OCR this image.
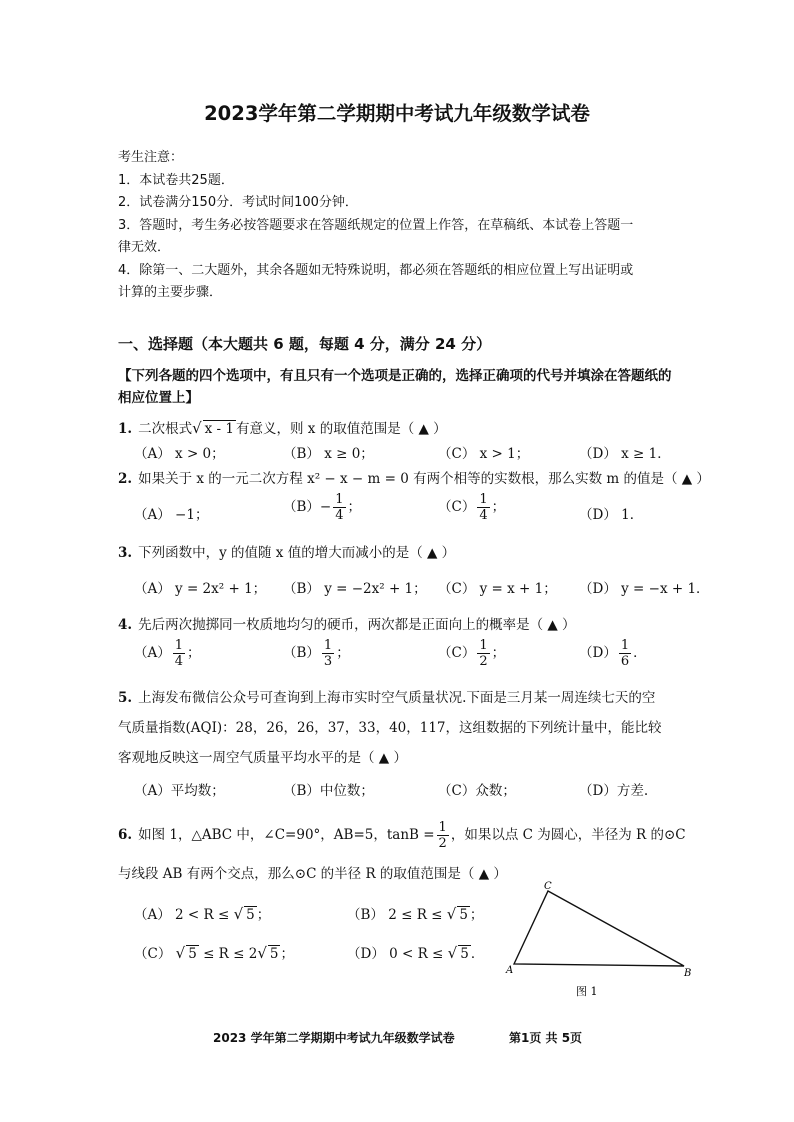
2023学年第二学期期中考试九年级数学试卷
考生注意：
1．本试卷共25题．
2．试卷满分150分．考试时间100分钟．
3．答题时，考生务必按答题要求在答题纸规定的位置上作答，在草稿纸、本试卷上答题一
律无效．
4．除第一、二大题外，其余各题如无特殊说明，都必须在答题纸的相应位置上写出证明或
计算的主要步骤．
一、选择题（本大题共 6 题，每题 4 分，满分 24 分）
【下列各题的四个选项中，有且只有一个选项是正确的，选择正确项的代号并填涂在答题纸的相应位置上】
1. 二次根式√ x - 1 有意义，则 x 的取值范围是（ ▲ ）
（A） x > 0；	（B） x ≥ 0；	（C） x > 1；	（D） x ≥ 1．
2. 如果关于 x 的一元二次方程 x² − x − m = 0 有两个相等的实数根，那么实数 m 的值是（ ▲ ）
（A） −1；	$(B)- \frac{1}{4}$ ；	$(C) \frac{1}{4}$ ；	（D） 1．
3. 下列函数中，y 的值随 x 值的增大而减小的是（ ▲ ）
（A） y = 2x² + 1； （B） y = −2x² + 1； （C） y = x + 1； （D） y = −x + 1．
4. 先后两次抛掷同一枚质地均匀的硬币，两次都是正面向上的概率是（ ▲ ）
$(A) \frac{1}{4}$ ；	$(B) \frac{1}{3}$ ；	$(C) \frac{1}{2}$ ；	$(D) \frac{1}{6}$ ．
5. 上海发布微信公众号可查询到上海市实时空气质量状况.下面是三月某一周连续七天的空
气质量指数(AQI)：28，26，26，37，33，40，117，这组数据的下列统计量中，能比较
客观地反映这一周空气质量平均水平的是（ ▲ ）
（A）平均数；	（B）中位数；	（C）众数；	（D）方差.
6. 如图 1，△ABC 中，∠C=90°，AB=5，$\tan B = \frac{1}{2}$ ，如果以点 C 为圆心，半径为 R 的⊙C
与线段 AB 有两个交点，那么⊙C 的半径 R 的取值范围是（ ▲ ）
（A） 2 < R ≤ √ 5 ；	（B） 2 ≤ R ≤ √ 5 ；
（C） √ 5 ≤ R ≤ 2√ 5 ；	（D） 0 < R ≤ √ 5 ．
A
C
B
图 1
2023 学年第二学期期中考试九年级数学试卷	第1页 共 5页
